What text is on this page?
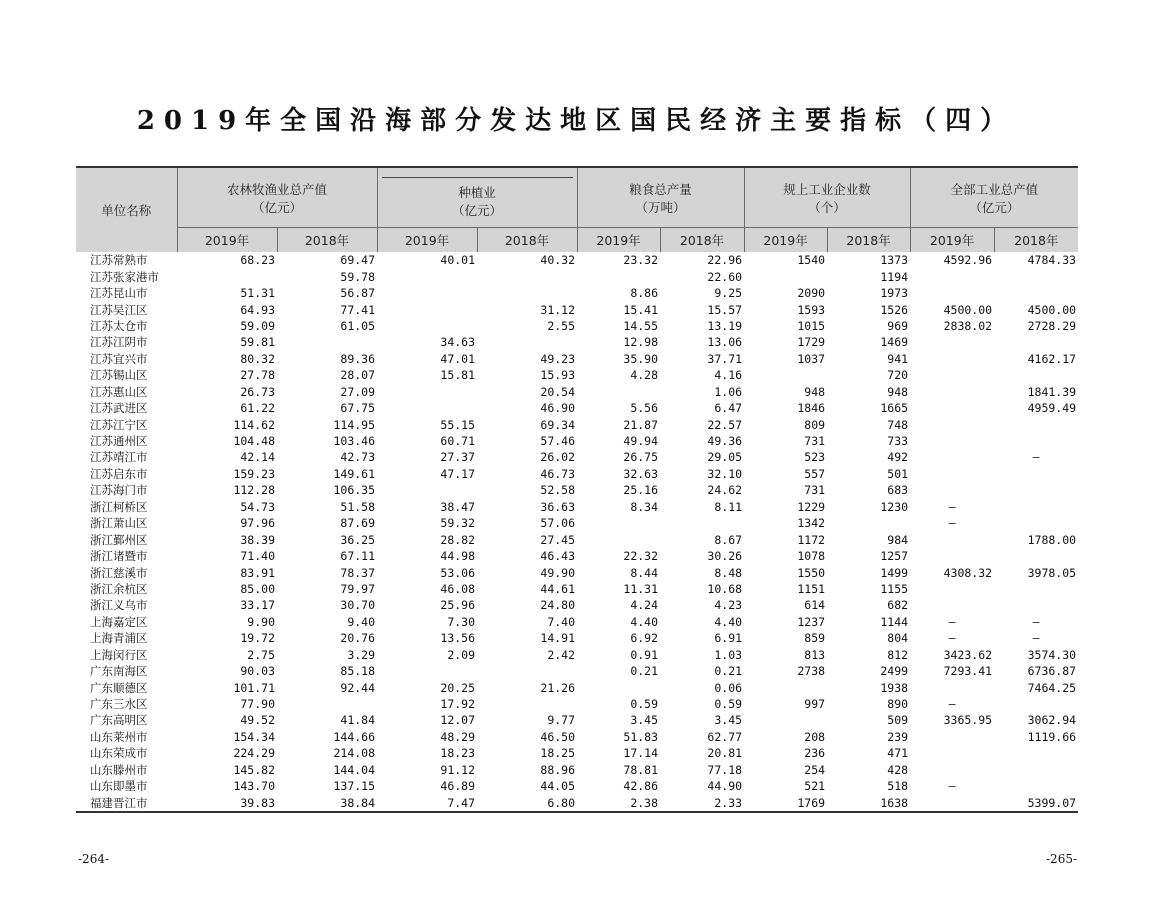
2019年全国沿海部分发达地区国民经济主要指标（四）
单位名称	农林牧渔业总产值
（亿元）		种植业
（亿元）		粮食总产量
（万吨）		规上工业企业数
（个）		全部工业总产值
（亿元）	
	2019年	2018年	2019年	2018年	2019年	2018年	2019年	2018年	2019年	2018年
江苏常熟市	68.23	69.47	40.01	40.32	23.32	22.96	1540	1373	4592.96	4784.33
江苏张家港市		59.78				22.60		1194		
江苏昆山市	51.31	56.87			8.86	9.25	2090	1973		
江苏吴江区	64.93	77.41		31.12	15.41	15.57	1593	1526	4500.00	4500.00
江苏太仓市	59.09	61.05		2.55	14.55	13.19	1015	969	2838.02	2728.29
江苏江阴市	59.81		34.63		12.98	13.06	1729	1469		
江苏宜兴市	80.32	89.36	47.01	49.23	35.90	37.71	1037	941		4162.17
江苏锡山区	27.78	28.07	15.81	15.93	4.28	4.16		720		
江苏惠山区	26.73	27.09		20.54		1.06	948	948		1841.39
江苏武进区	61.22	67.75		46.90	5.56	6.47	1846	1665		4959.49
江苏江宁区	114.62	114.95	55.15	69.34	21.87	22.57	809	748		
江苏通州区	104.48	103.46	60.71	57.46	49.94	49.36	731	733		
江苏靖江市	42.14	42.73	27.37	26.02	26.75	29.05	523	492		–
江苏启东市	159.23	149.61	47.17	46.73	32.63	32.10	557	501		
江苏海门市	112.28	106.35		52.58	25.16	24.62	731	683		
浙江柯桥区	54.73	51.58	38.47	36.63	8.34	8.11	1229	1230	–	
浙江萧山区	97.96	87.69	59.32	57.06			1342		–	
浙江鄞州区	38.39	36.25	28.82	27.45		8.67	1172	984		1788.00
浙江诸暨市	71.40	67.11	44.98	46.43	22.32	30.26	1078	1257		
浙江慈溪市	83.91	78.37	53.06	49.90	8.44	8.48	1550	1499	4308.32	3978.05
浙江余杭区	85.00	79.97	46.08	44.61	11.31	10.68	1151	1155		
浙江义乌市	33.17	30.70	25.96	24.80	4.24	4.23	614	682		
上海嘉定区	9.90	9.40	7.30	7.40	4.40	4.40	1237	1144	–	–
上海青浦区	19.72	20.76	13.56	14.91	6.92	6.91	859	804	–	–
上海闵行区	2.75	3.29	2.09	2.42	0.91	1.03	813	812	3423.62	3574.30
广东南海区	90.03	85.18			0.21	0.21	2738	2499	7293.41	6736.87
广东顺德区	101.71	92.44	20.25	21.26		0.06		1938		7464.25
广东三水区	77.90		17.92		0.59	0.59	997	890	–	
广东高明区	49.52	41.84	12.07	9.77	3.45	3.45		509	3365.95	3062.94
山东莱州市	154.34	144.66	48.29	46.50	51.83	62.77	208	239		1119.66
山东荣成市	224.29	214.08	18.23	18.25	17.14	20.81	236	471		
山东滕州市	145.82	144.04	91.12	88.96	78.81	77.18	254	428		
山东即墨市	143.70	137.15	46.89	44.05	42.86	44.90	521	518	–	
福建晋江市	39.83	38.84	7.47	6.80	2.38	2.33	1769	1638		5399.07
-264-	-265-
